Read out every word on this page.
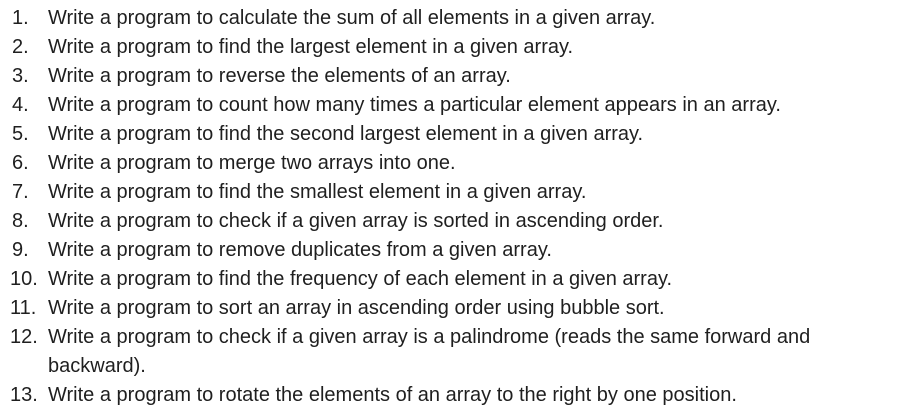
1. Write a program to calculate the sum of all elements in a given array.
2. Write a program to find the largest element in a given array.
3. Write a program to reverse the elements of an array.
4. Write a program to count how many times a particular element appears in an array.
5. Write a program to find the second largest element in a given array.
6. Write a program to merge two arrays into one.
7. Write a program to find the smallest element in a given array.
8. Write a program to check if a given array is sorted in ascending order.
9. Write a program to remove duplicates from a given array.
10. Write a program to find the frequency of each element in a given array.
11. Write a program to sort an array in ascending order using bubble sort.
12. Write a program to check if a given array is a palindrome (reads the same forward and backward).
13. Write a program to rotate the elements of an array to the right by one position.
